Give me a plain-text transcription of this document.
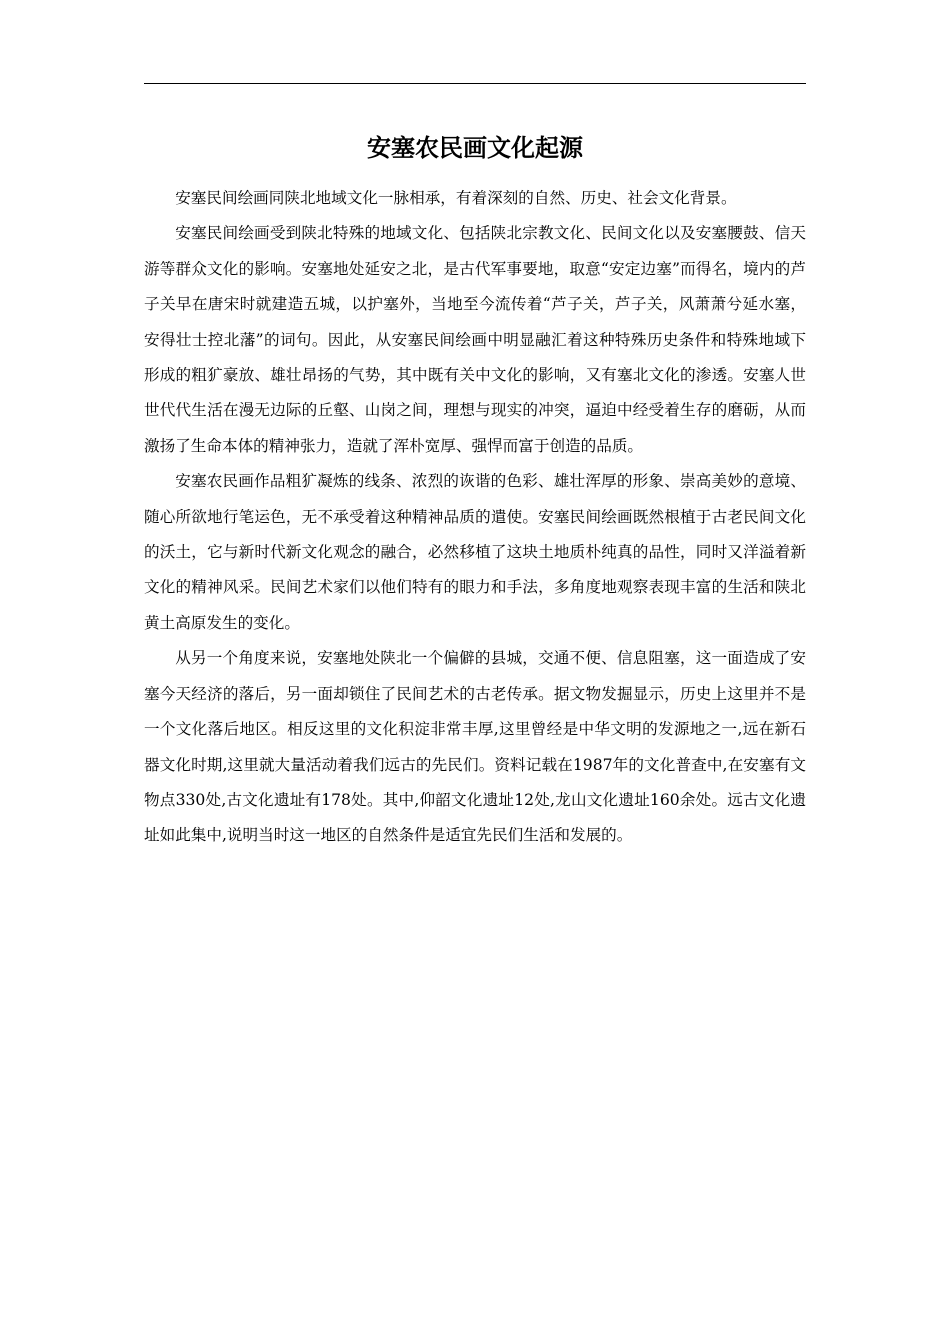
安塞农民画文化起源

安塞民间绘画同陕北地域文化一脉相承，有着深刻的自然、历史、社会文化背景。

安塞民间绘画受到陕北特殊的地域文化、包括陕北宗教文化、民间文化以及安塞腰鼓、信天游等群众文化的影响。安塞地处延安之北，是古代军事要地，取意“安定边塞”而得名，境内的芦子关早在唐宋时就建造五城，以护塞外，当地至今流传着“芦子关，芦子关，风萧萧兮延水塞，安得壮士控北藩”的词句。因此，从安塞民间绘画中明显融汇着这种特殊历史条件和特殊地域下形成的粗犷豪放、雄壮昂扬的气势，其中既有关中文化的影响，又有塞北文化的渗透。安塞人世世代代生活在漫无边际的丘壑、山岗之间，理想与现实的冲突，逼迫中经受着生存的磨砺，从而激扬了生命本体的精神张力，造就了浑朴宽厚、强悍而富于创造的品质。

安塞农民画作品粗犷凝炼的线条、浓烈的诙谐的色彩、雄壮浑厚的形象、崇高美妙的意境、随心所欲地行笔运色，无不承受着这种精神品质的遣使。安塞民间绘画既然根植于古老民间文化的沃土，它与新时代新文化观念的融合，必然移植了这块土地质朴纯真的品性，同时又洋溢着新文化的精神风采。民间艺术家们以他们特有的眼力和手法，多角度地观察表现丰富的生活和陕北黄土高原发生的变化。

从另一个角度来说，安塞地处陕北一个偏僻的县城，交通不便、信息阻塞，这一面造成了安塞今天经济的落后，另一面却锁住了民间艺术的古老传承。据文物发掘显示，历史上这里并不是一个文化落后地区。相反这里的文化积淀非常丰厚,这里曾经是中华文明的发源地之一,远在新石器文化时期,这里就大量活动着我们远古的先民们。资料记载在1987年的文化普查中,在安塞有文物点330处,古文化遗址有178处。其中,仰韶文化遗址12处,龙山文化遗址160余处。远古文化遗址如此集中,说明当时这一地区的自然条件是适宜先民们生活和发展的。
